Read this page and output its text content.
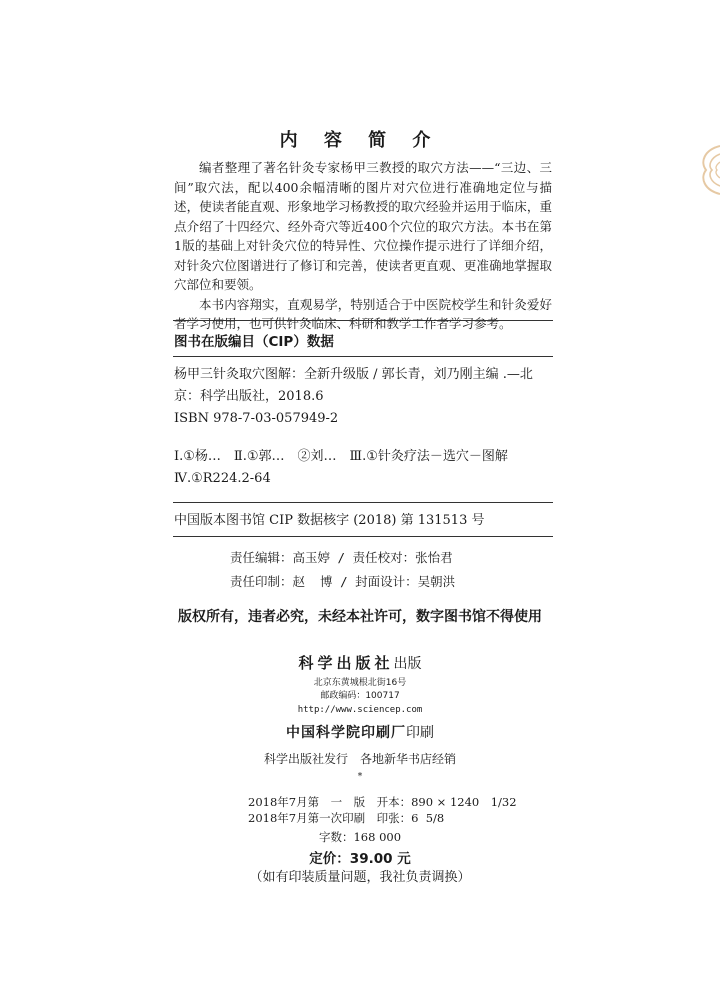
内 容 简 介

编者整理了著名针灸专家杨甲三教授的取穴方法——“三边、三间”取穴法，配以400余幅清晰的图片对穴位进行准确地定位与描述，使读者能直观、形象地学习杨教授的取穴经验并运用于临床，重点介绍了十四经穴、经外奇穴等近400个穴位的取穴方法。本书在第1版的基础上对针灸穴位的特异性、穴位操作提示进行了详细介绍，对针灸穴位图谱进行了修订和完善，使读者更直观、更准确地掌握取穴部位和要领。

本书内容翔实，直观易学，特别适合于中医院校学生和针灸爱好者学习使用，也可供针灸临床、科研和教学工作者学习参考。

图书在版编目（CIP）数据
杨甲三针灸取穴图解：全新升级版 / 郭长青，刘乃刚主编 .—北京：科学出版社，2018.6
ISBN 978-7-03-057949-2
Ⅰ.①杨…　Ⅱ.①郭…　②刘…　Ⅲ.①针灸疗法－选穴－图解　Ⅳ.①R224.2-64
中国版本图书馆 CIP 数据核字 (2018) 第 131513 号
责任编辑：高玉婷 / 责任校对：张怡君
责任印制：赵  博 / 封面设计：吴朝洪
版权所有，违者必究，未经本社许可，数字图书馆不得使用
科学出版社出版
北京东黄城根北街16号
邮政编码：100717
http://www.sciencep.com
中国科学院印刷厂印刷
科学出版社发行　各地新华书店经销
*
2018年7月第　一　版　开本：890 × 1240　1/32
2018年7月第一次印刷　印张：6  5/8
字数：168 000
定价：39.00 元
（如有印装质量问题，我社负责调换）
